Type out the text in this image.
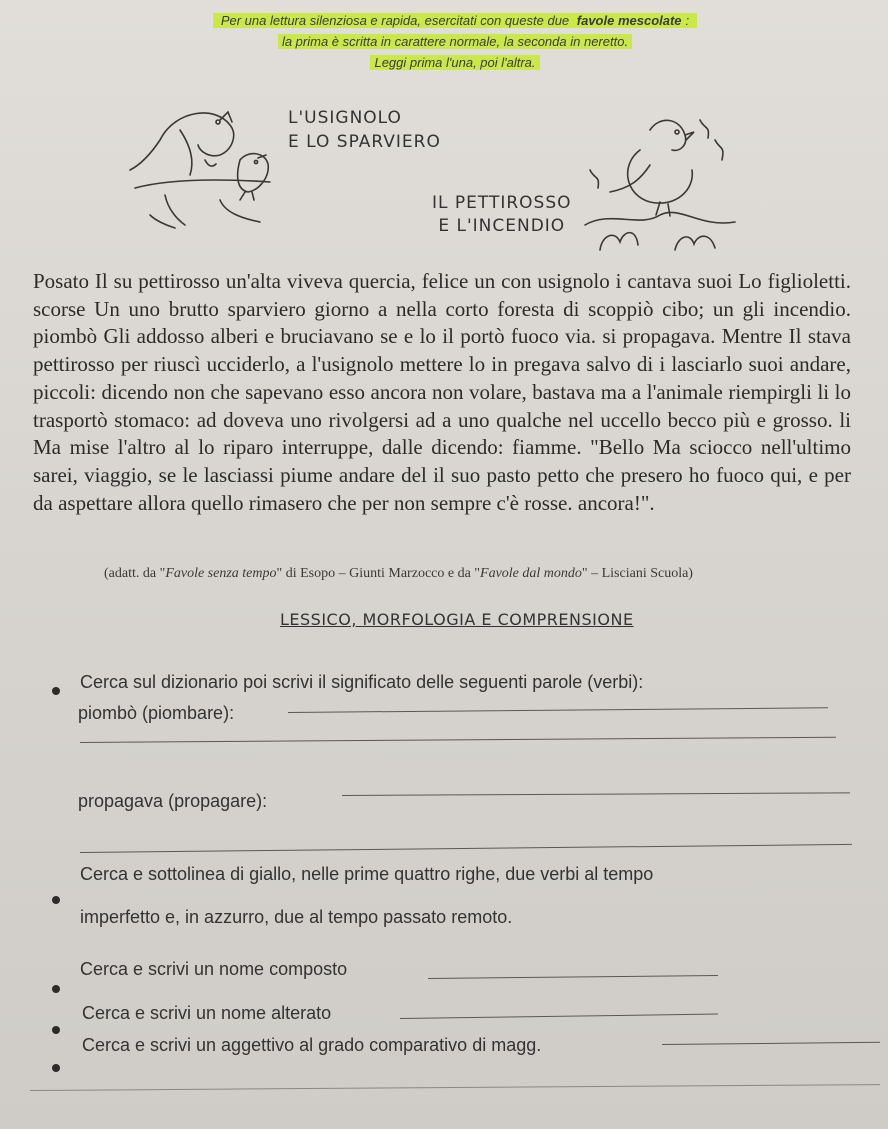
Per una lettura silenziosa e rapida, esercitati con queste due favole mescolate :
la prima è scritta in carattere normale, la seconda in neretto.
Leggi prima l'una, poi l'altra.
L'USIGNOLO
E LO SPARVIERO
IL PETTIROSSO
E L'INCENDIO

Posato Il su pettirosso un'alta viveva quercia, felice un con usignolo i cantava suoi Lo figlioletti. scorse Un uno brutto sparviero giorno a nella corto foresta di scoppiò cibo; un gli incendio. piombò Gli addosso alberi e bruciavano se e lo il portò fuoco via. si propagava. Mentre Il stava pettirosso per riuscì ucciderlo, a l'usignolo mettere lo in pregava salvo di i lasciarlo suoi andare, piccoli: dicendo non che sapevano esso ancora non volare, bastava ma a l'animale riempirgli li lo trasportò stomaco: ad doveva uno rivolgersi ad a uno qualche nel uccello becco più e grosso. li Ma mise l'altro al lo riparo interruppe, dalle dicendo: fiamme. "Bello Ma sciocco nell'ultimo sarei, viaggio, se le lasciassi piume andare del il suo pasto petto che presero ho fuoco qui, e per da aspettare allora quello rimasero che per non sempre c'è rosse. ancora!".

(adatt. da "Favole senza tempo" di Esopo – Giunti Marzocco e da "Favole dal mondo" – Lisciani Scuola)
LESSICO, MORFOLOGIA E COMPRENSIONE
Cerca sul dizionario poi scrivi il significato delle seguenti parole (verbi):
piombò (piombare):
propagava (propagare):
Cerca e sottolinea di giallo, nelle prime quattro righe, due verbi al tempo
imperfetto e, in azzurro, due al tempo passato remoto.
Cerca e scrivi un nome composto
Cerca e scrivi un nome alterato
Cerca e scrivi un aggettivo al grado comparativo di magg.
